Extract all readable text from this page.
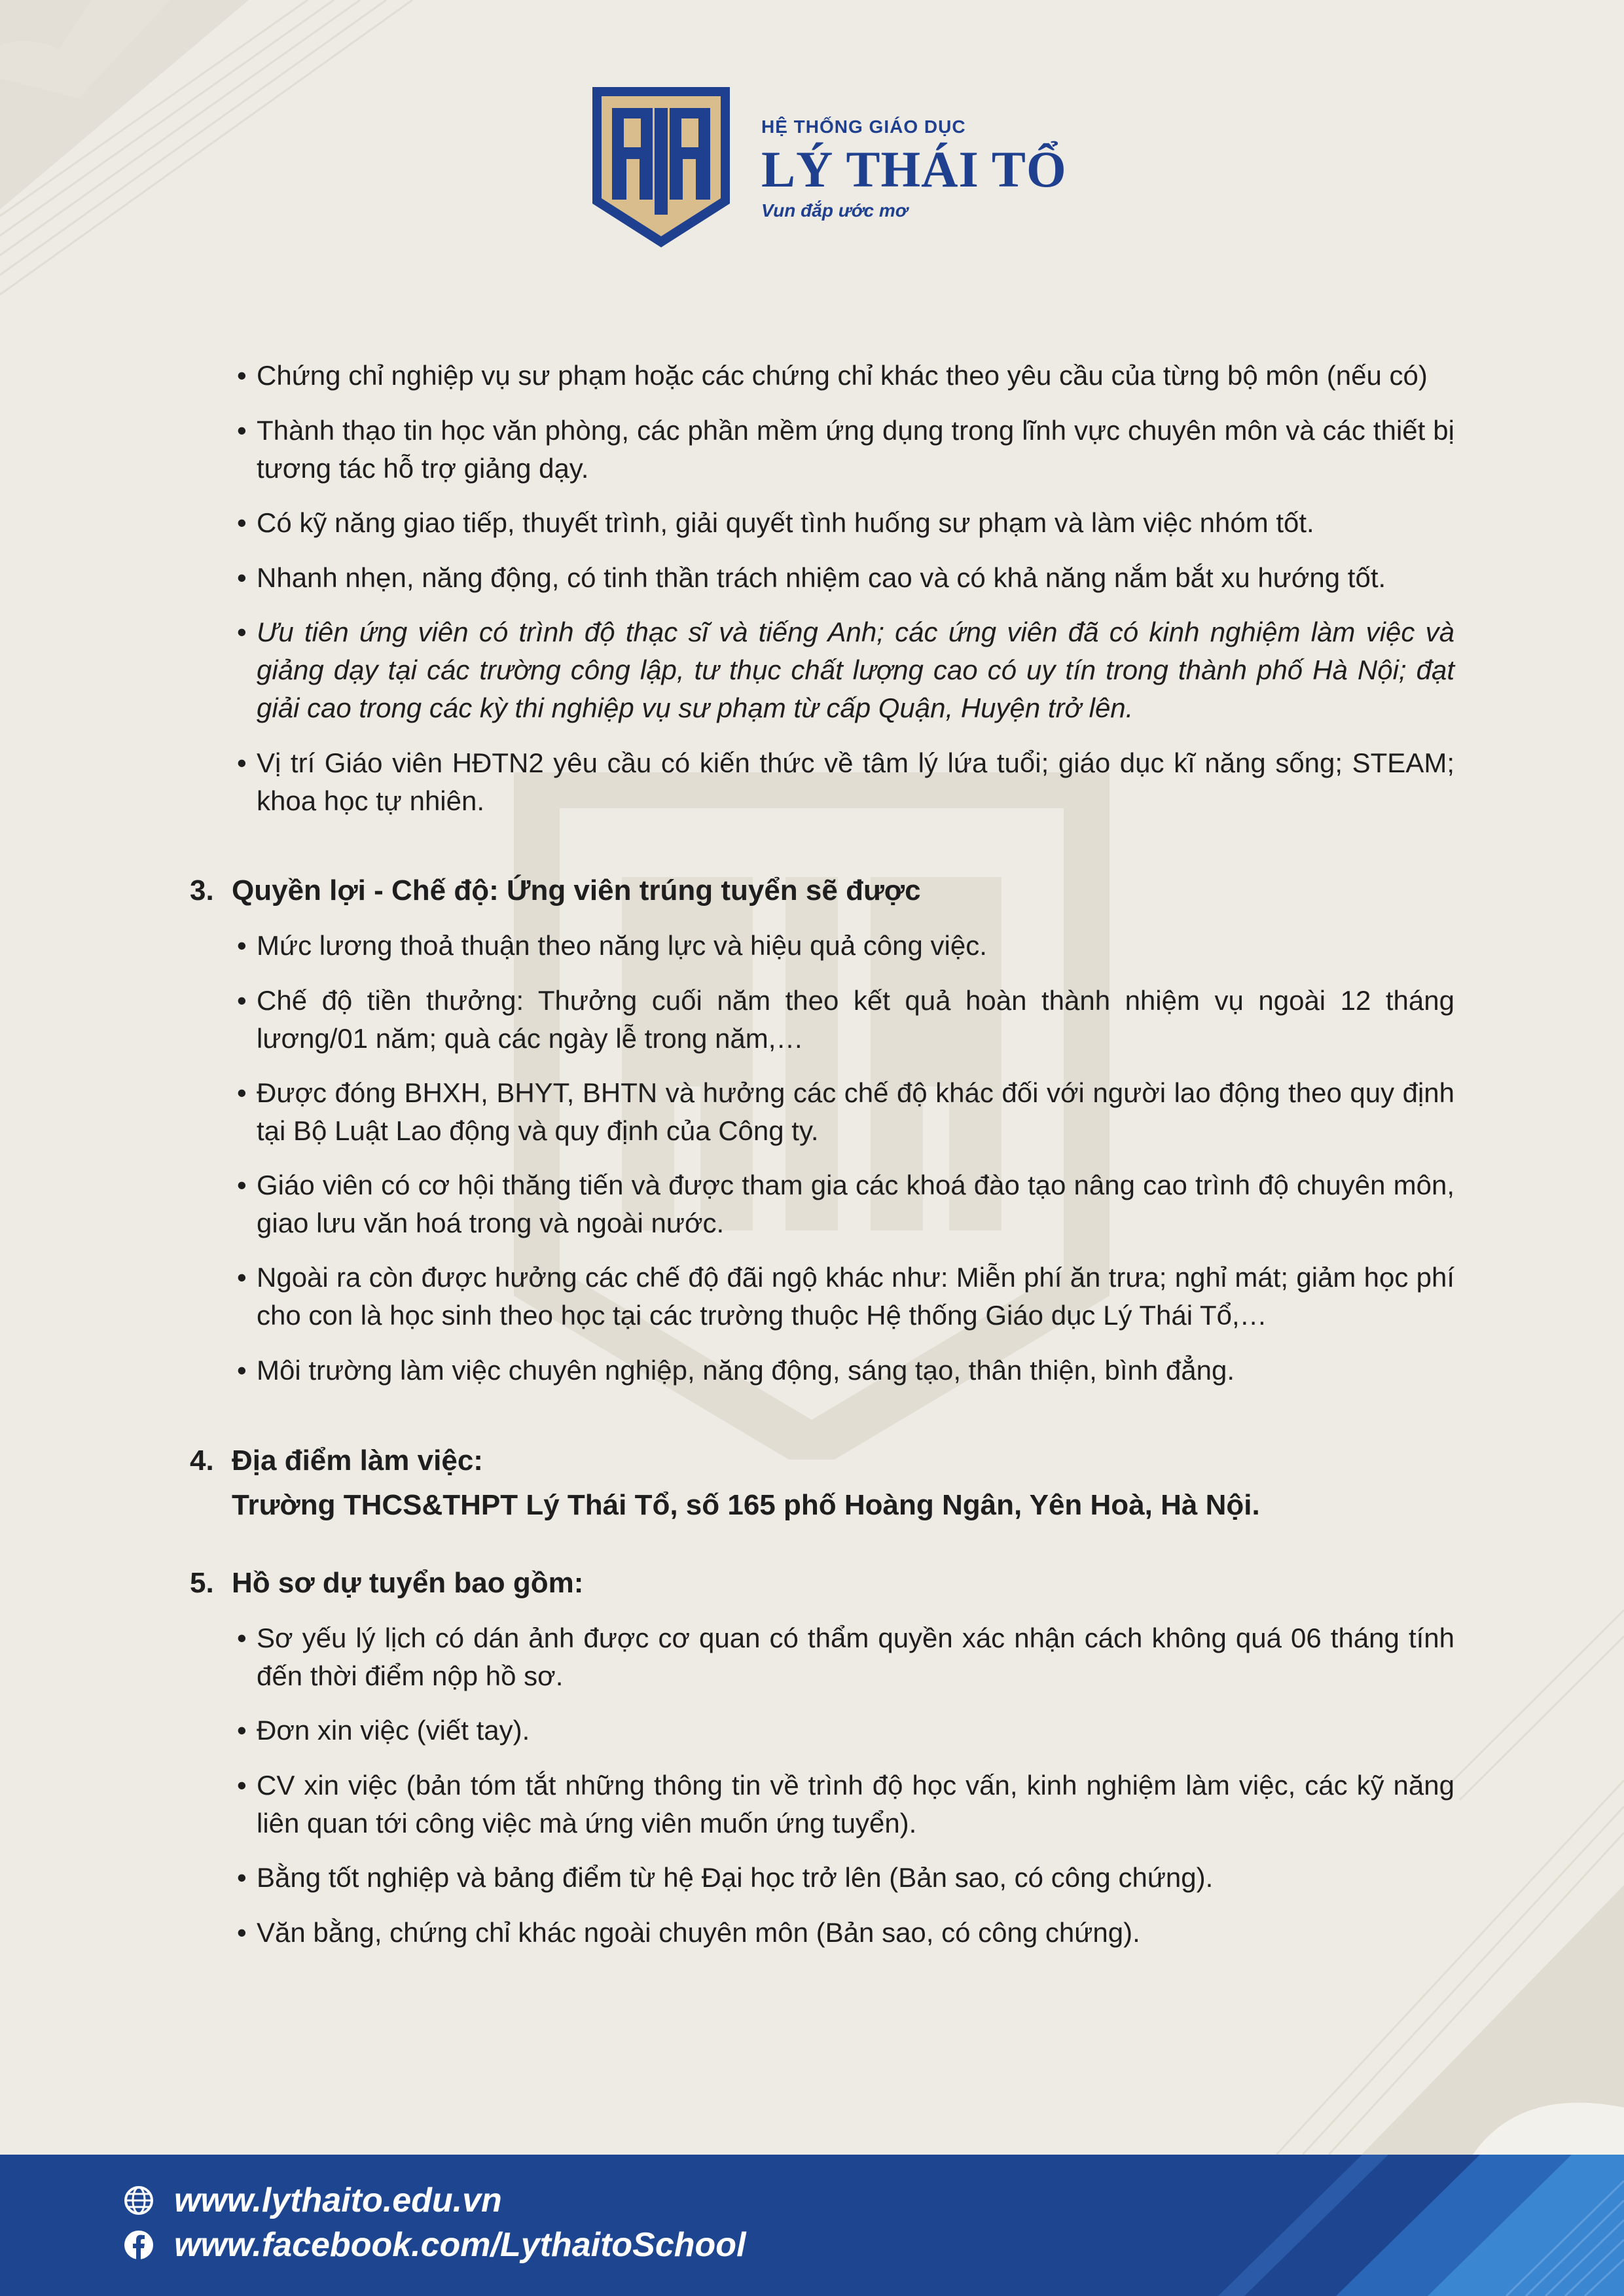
HỆ THỐNG GIÁO DỤC
LÝ THÁI TỔ
Vun đắp ước mơ
• Chứng chỉ nghiệp vụ sư phạm hoặc các chứng chỉ khác theo yêu cầu của từng bộ môn (nếu có)
• Thành thạo tin học văn phòng, các phần mềm ứng dụng trong lĩnh vực chuyên môn và các thiết bị tương tác hỗ trợ giảng dạy.
• Có kỹ năng giao tiếp, thuyết trình, giải quyết tình huống sư phạm và làm việc nhóm tốt.
• Nhanh nhẹn, năng động, có tinh thần trách nhiệm cao và có khả năng nắm bắt xu hướng tốt.
• Ưu tiên ứng viên có trình độ thạc sĩ và tiếng Anh; các ứng viên đã có kinh nghiệm làm việc và giảng dạy tại các trường công lập, tư thục chất lượng cao có uy tín trong thành phố Hà Nội; đạt giải cao trong các kỳ thi nghiệp vụ sư phạm từ cấp Quận, Huyện trở lên.
• Vị trí Giáo viên HĐTN2 yêu cầu có kiến thức về tâm lý lứa tuổi; giáo dục kĩ năng sống; STEAM; khoa học tự nhiên.
3. Quyền lợi - Chế độ: Ứng viên trúng tuyển sẽ được
• Mức lương thoả thuận theo năng lực và hiệu quả công việc.
• Chế độ tiền thưởng: Thưởng cuối năm theo kết quả hoàn thành nhiệm vụ ngoài 12 tháng lương/01 năm; quà các ngày lễ trong năm,…
• Được đóng BHXH, BHYT, BHTN và hưởng các chế độ khác đối với người lao động theo quy định tại Bộ Luật Lao động và quy định của Công ty.
• Giáo viên có cơ hội thăng tiến và được tham gia các khoá đào tạo nâng cao trình độ chuyên môn, giao lưu văn hoá trong và ngoài nước.
• Ngoài ra còn được hưởng các chế độ đãi ngộ khác như: Miễn phí ăn trưa; nghỉ mát; giảm học phí cho con là học sinh theo học tại các trường thuộc Hệ thống Giáo dục Lý Thái Tổ,…
• Môi trường làm việc chuyên nghiệp, năng động, sáng tạo, thân thiện, bình đẳng.
4. Địa điểm làm việc:
Trường THCS&THPT Lý Thái Tổ, số 165 phố Hoàng Ngân, Yên Hoà, Hà Nội.
5. Hồ sơ dự tuyển bao gồm:
• Sơ yếu lý lịch có dán ảnh được cơ quan có thẩm quyền xác nhận cách không quá 06 tháng tính đến thời điểm nộp hồ sơ.
• Đơn xin việc (viết tay).
• CV xin việc (bản tóm tắt những thông tin về trình độ học vấn, kinh nghiệm làm việc, các kỹ năng liên quan tới công việc mà ứng viên muốn ứng tuyển).
• Bằng tốt nghiệp và bảng điểm từ hệ Đại học trở lên (Bản sao, có công chứng).
• Văn bằng, chứng chỉ khác ngoài chuyên môn (Bản sao, có công chứng).
www.lythaito.edu.vn
www.facebook.com/LythaitoSchool
